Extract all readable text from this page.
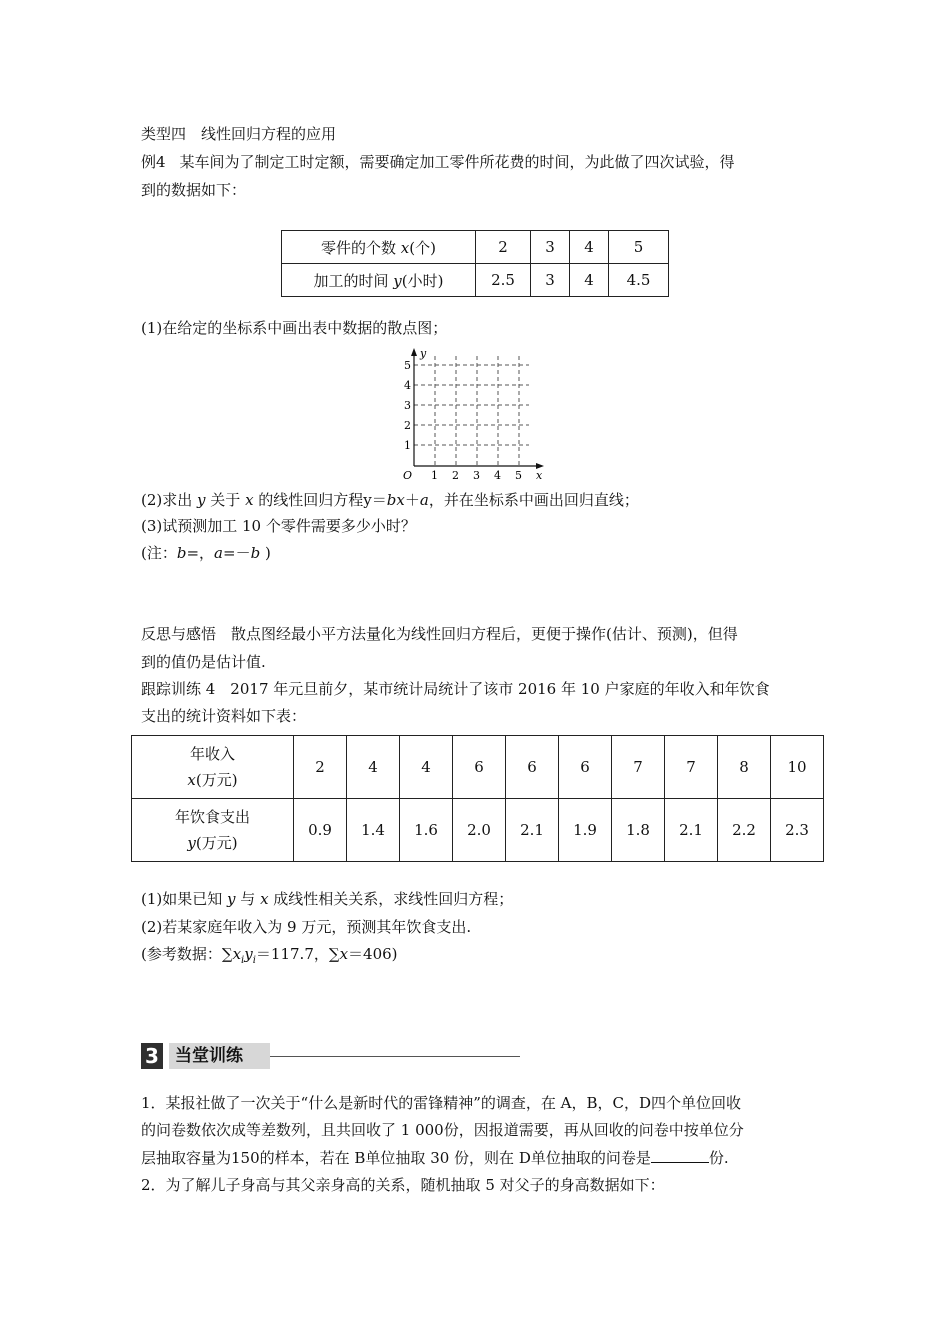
类型四　线性回归方程的应用
例4 某车间为了制定工时定额，需要确定加工零件所花费的时间，为此做了四次试验，得
到的数据如下：
零件的个数 x(个)	2	3	4	5
加工的时间 y(小时)	2.5	3	4	4.5
(1)在给定的坐标系中画出表中数据的散点图；
y
x
O
1
2
3
4
5
1 2 3 4 5
(2)求出 y 关于 x 的线性回归方程y＝bx＋a，并在坐标系中画出回归直线；
(3)试预测加工 10 个零件需要多少小时？
(注：b=，a=－b )
反思与感悟　散点图经最小平方法量化为线性回归方程后，更便于操作(估计、预测)，但得
到的值仍是估计值.
跟踪训练 4　2017 年元旦前夕，某市统计局统计了该市 2016 年 10 户家庭的年收入和年饮食
支出的统计资料如下表：
年收入
x(万元)	2	4	4	6	6	6	7	7	8	10
年饮食支出
y(万元)	0.9	1.4	1.6	2.0	2.1	1.9	1.8	2.1	2.2	2.3
(1)如果已知 y 与 x 成线性相关关系，求线性回归方程；
(2)若某家庭年收入为 9 万元，预测其年饮食支出.
(参考数据：$\sum x_iy_i=117.7$，∑x＝406)
3 当堂训练
1．某报社做了一次关于“什么是新时代的雷锋精神”的调查，在 A，B，C，D四个单位回收
的问卷数依次成等差数列，且共回收了 1 000份，因报道需要，再从回收的问卷中按单位分
层抽取容量为150的样本，若在 B单位抽取 30 份，则在 D单位抽取的问卷是	份.
2．为了解儿子身高与其父亲身高的关系，随机抽取 5 对父子的身高数据如下：
